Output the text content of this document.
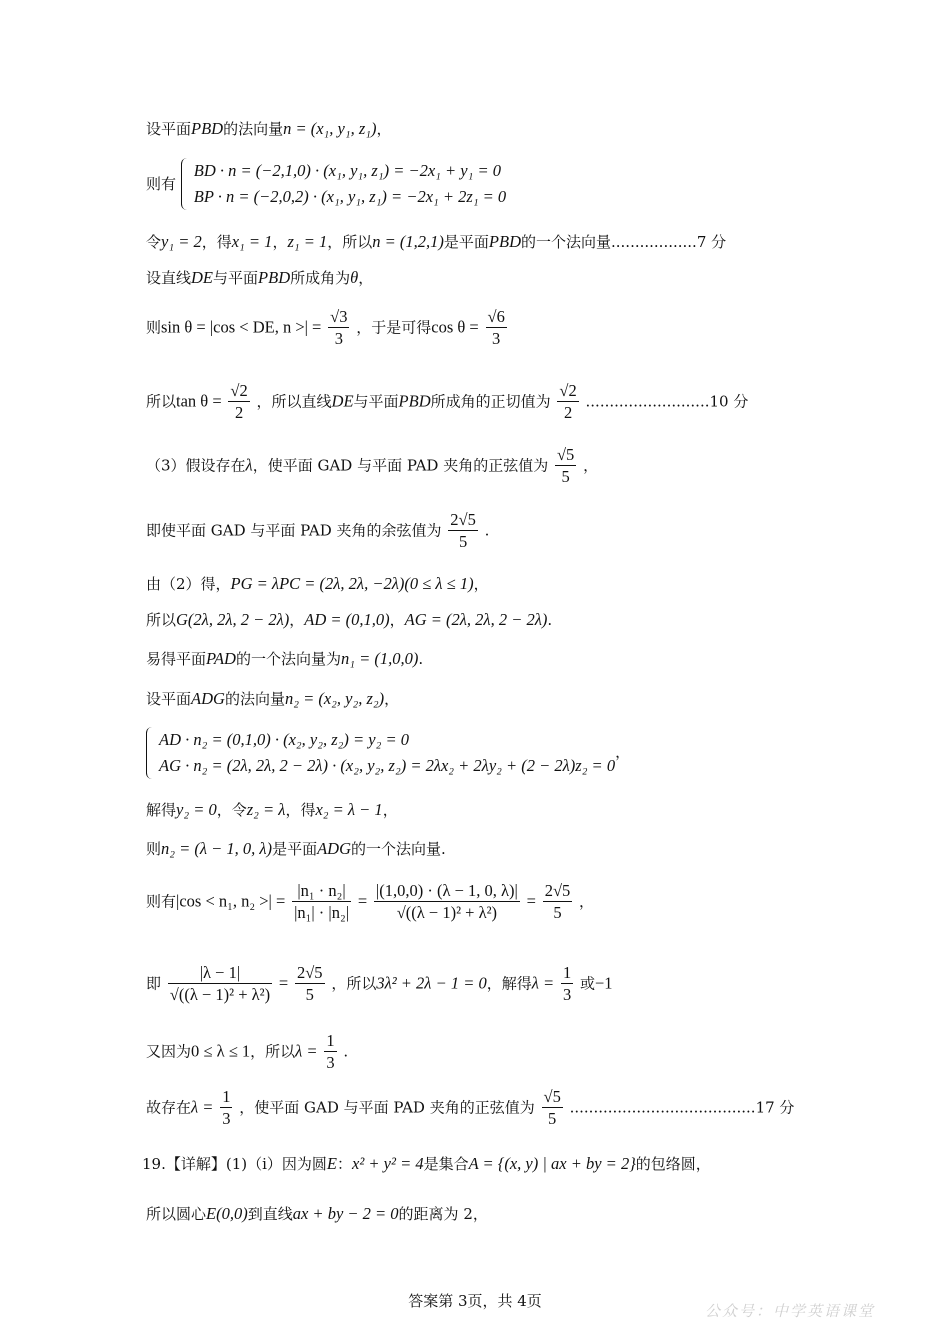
设平面PBD的法向量n = (x₁, y₁, z₁)，
则有
BD · n = (−2,1,0) · (x₁, y₁, z₁) = −2x₁ + y₁ = 0
BP · n = (−2,0,2) · (x₁, y₁, z₁) = −2x₁ + 2z₁ = 0
令y₁ = 2，得x₁ = 1，z₁ = 1，所以n = (1,2,1)是平面PBD的一个法向量..................7 分
设直线DE与平面PBD所成角为θ，
则sin θ = |cos < DE, n >| = $\frac{√3}{3}$ ，于是可得$\cos \theta = \frac{√6}{3}$
所以$\tan \theta = \frac{√2}{2}$ ，所以直线DE与平面PBD所成角的正切值为 $\frac{√2}{2} ..........................10$ 分
（3）假设存在λ，使平面 GAD 与平面 PAD 夹角的正弦值为 $\frac{√5}{5}$ ，
即使平面 GAD 与平面 PAD 夹角的余弦值为 $\frac{2√5}{5}$ .
由（2）得，PG = λPC = (2λ, 2λ, −2λ)(0 ≤ λ ≤ 1)，
所以G(2λ, 2λ, 2 − 2λ)，AD = (0,1,0)，AG = (2λ, 2λ, 2 − 2λ).
易得平面PAD的一个法向量为n₁ = (1,0,0).
设平面ADG的法向量n₂ = (x₂, y₂, z₂)，
AD · n₂ = (0,1,0) · (x₂, y₂, z₂) = y₂ = 0
AG · n₂ = (2λ, 2λ, 2 − 2λ) · (x₂, y₂, z₂) = 2λx₂ + 2λy₂ + (2 − 2λ)z₂ = 0
，
解得y₂ = 0，令z₂ = λ，得x₂ = λ − 1，
则n₂ = (λ − 1, 0, λ)是平面ADG的一个法向量.
则有|cos < n₁, n₂ >| = $\frac{\text{|n₁ · n₂|}}{\text{|n₁| · |n₂|}} = \frac{|(1,0,0) \cdot (\lambda - 1, 0, \lambda)|}{\text{√((λ − 1)² + λ²)}} = \frac{2√5}{5}$ ，
即 $\frac{|\lambda - 1|}{\text{√((λ − 1)² + λ²)}} = \frac{2√5}{5}$ ，所以3λ² + 2λ − 1 = 0，解得$\lambda = \frac{1}{3}$ 或−1
又因为0 ≤ λ ≤ 1，所以$\lambda = \frac{1}{3}$ .
故存在$\lambda = \frac{1}{3}$ ，使平面 GAD 与平面 PAD 夹角的正弦值为 $\frac{√5}{5} .......................................17$ 分
19.【详解】(1)（i）因为圆E：x² + y² = 4是集合A = {(x, y) | ax + by = 2}的包络圆，
所以圆心E(0,0)到直线ax + by − 2 = 0的距离为 2，
答案第 3页，共 4页
公众号：中学英语课堂
